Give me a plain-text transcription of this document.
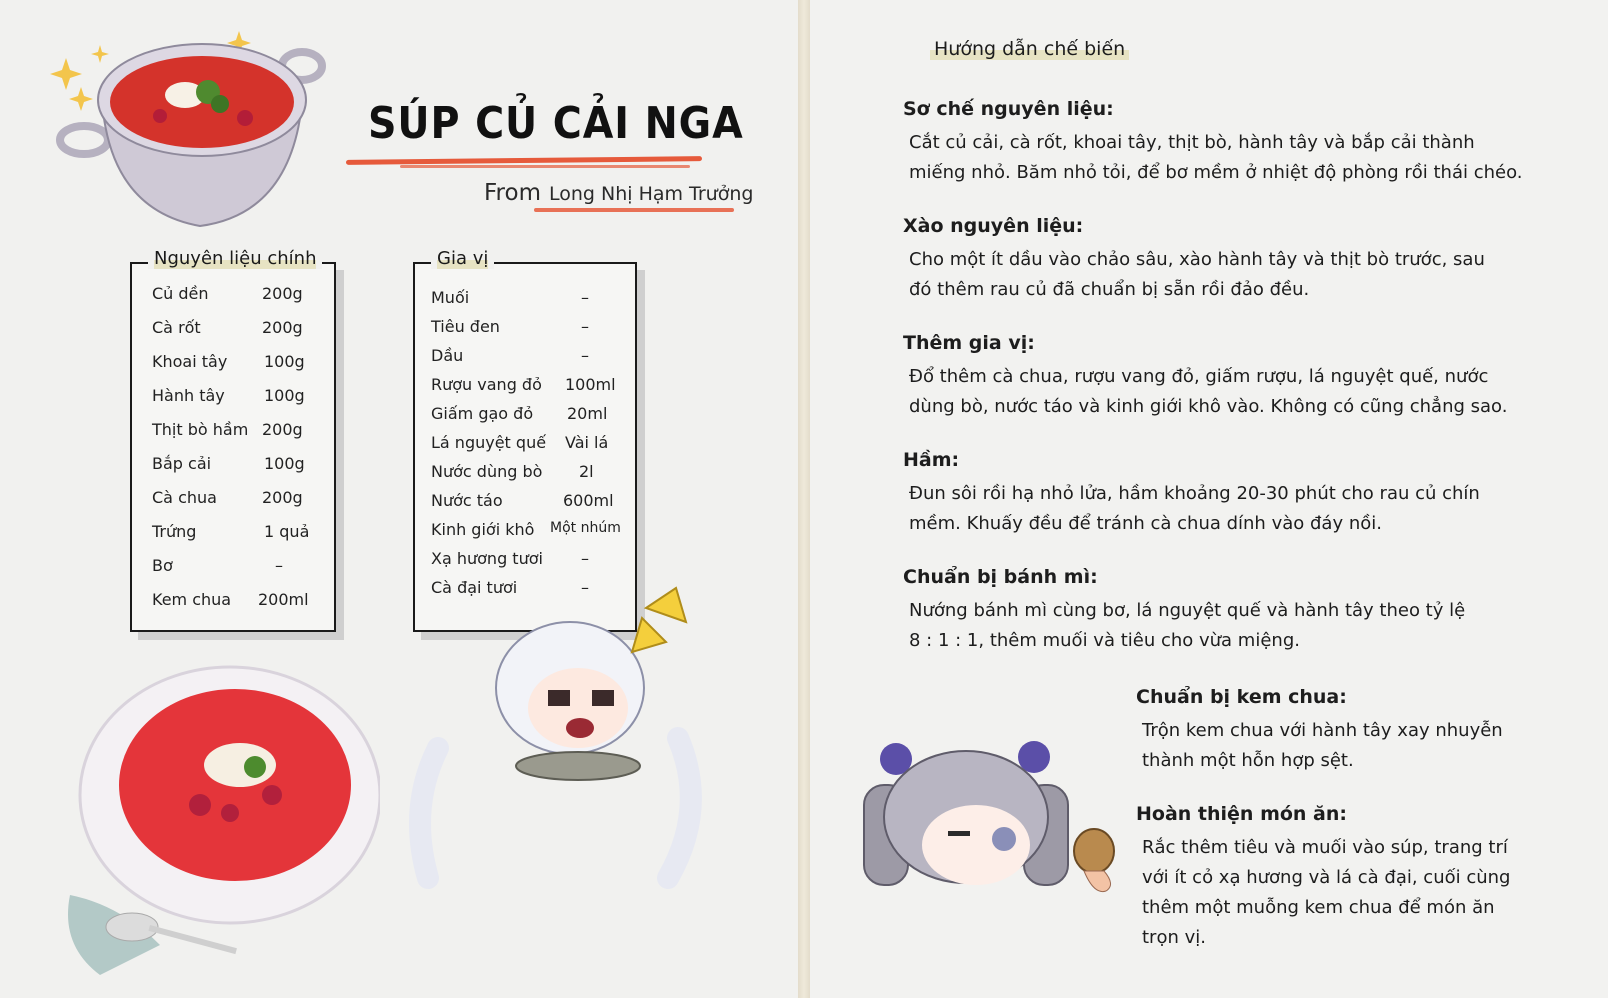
SÚP CỦ CẢI NGA
From Long Nhị Hạm Trưởng
Nguyên liệu chính
Củ dền	200g
Cà rốt	200g
Khoai tây 100g
Hành tây 100g
Thịt bò hầm 200g
Bắp cải	100g
Cà chua	200g
Trứng	1 quả
Bơ	–
Kem chua 200ml
Gia vị
Muối	–
Tiêu đen	–
Dầu	–
Rượu vang đỏ 100ml
Giấm gạo đỏ 20ml
Lá nguyệt quế Vài lá
Nước dùng bò 2l
Nước táo	600ml
Kinh giới khô Một nhúm
Xạ hương tươi –
Cà đại tươi	–
Hướng dẫn chế biến
Sơ chế nguyên liệu:
Cắt củ cải, cà rốt, khoai tây, thịt bò, hành tây và bắp cải thành
miếng nhỏ. Băm nhỏ tỏi, để bơ mềm ở nhiệt độ phòng rồi thái chéo.
Xào nguyên liệu:
Cho một ít dầu vào chảo sâu, xào hành tây và thịt bò trước, sau
đó thêm rau củ đã chuẩn bị sẵn rồi đảo đều.
Thêm gia vị:
Đổ thêm cà chua, rượu vang đỏ, giấm rượu, lá nguyệt quế, nước
dùng bò, nước táo và kinh giới khô vào. Không có cũng chẳng sao.
Hầm:
Đun sôi rồi hạ nhỏ lửa, hầm khoảng 20-30 phút cho rau củ chín
mềm. Khuấy đều để tránh cà chua dính vào đáy nồi.
Chuẩn bị bánh mì:
Nướng bánh mì cùng bơ, lá nguyệt quế và hành tây theo tỷ lệ
8 : 1 : 1, thêm muối và tiêu cho vừa miệng.
Chuẩn bị kem chua:
Trộn kem chua với hành tây xay nhuyễn
thành một hỗn hợp sệt.
Hoàn thiện món ăn:
Rắc thêm tiêu và muối vào súp, trang trí
với ít cỏ xạ hương và lá cà đại, cuối cùng
thêm một muỗng kem chua để món ăn
trọn vị.
